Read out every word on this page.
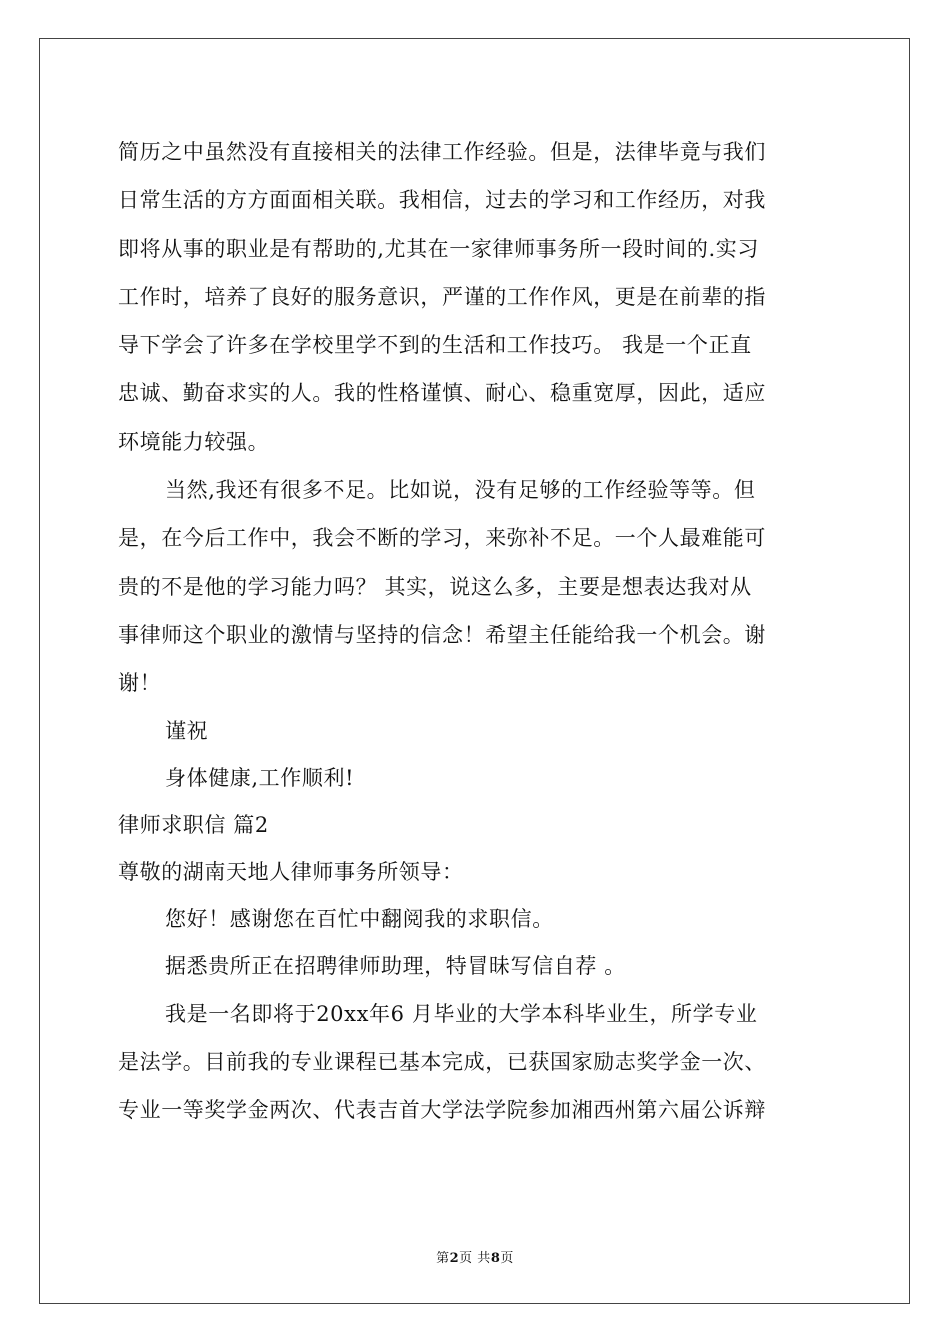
简历之中虽然没有直接相关的法律工作经验。但是，法律毕竟与我们
日常生活的方方面面相关联。我相信，过去的学习和工作经历，对我
即将从事的职业是有帮助的,尤其在一家律师事务所一段时间的.实习
工作时，培养了良好的服务意识，严谨的工作作风，更是在前辈的指
导下学会了许多在学校里学不到的生活和工作技巧。 我是一个正直
忠诚、勤奋求实的人。我的性格谨慎、耐心、稳重宽厚，因此，适应
环境能力较强。
当然,我还有很多不足。比如说，没有足够的工作经验等等。但
是，在今后工作中，我会不断的学习，来弥补不足。一个人最难能可
贵的不是他的学习能力吗？ 其实，说这么多，主要是想表达我对从
事律师这个职业的激情与坚持的信念！希望主任能给我一个机会。谢
谢！
谨祝
身体健康,工作顺利!
律师求职信 篇2
尊敬的湖南天地人律师事务所领导：
您好！感谢您在百忙中翻阅我的求职信。
据悉贵所正在招聘律师助理，特冒昧写信自荐 。
我是一名即将于20xx年6 月毕业的大学本科毕业生，所学专业
是法学。目前我的专业课程已基本完成，已获国家励志奖学金一次、
专业一等奖学金两次、代表吉首大学法学院参加湘西州第六届公诉辩
第2页 共8页
